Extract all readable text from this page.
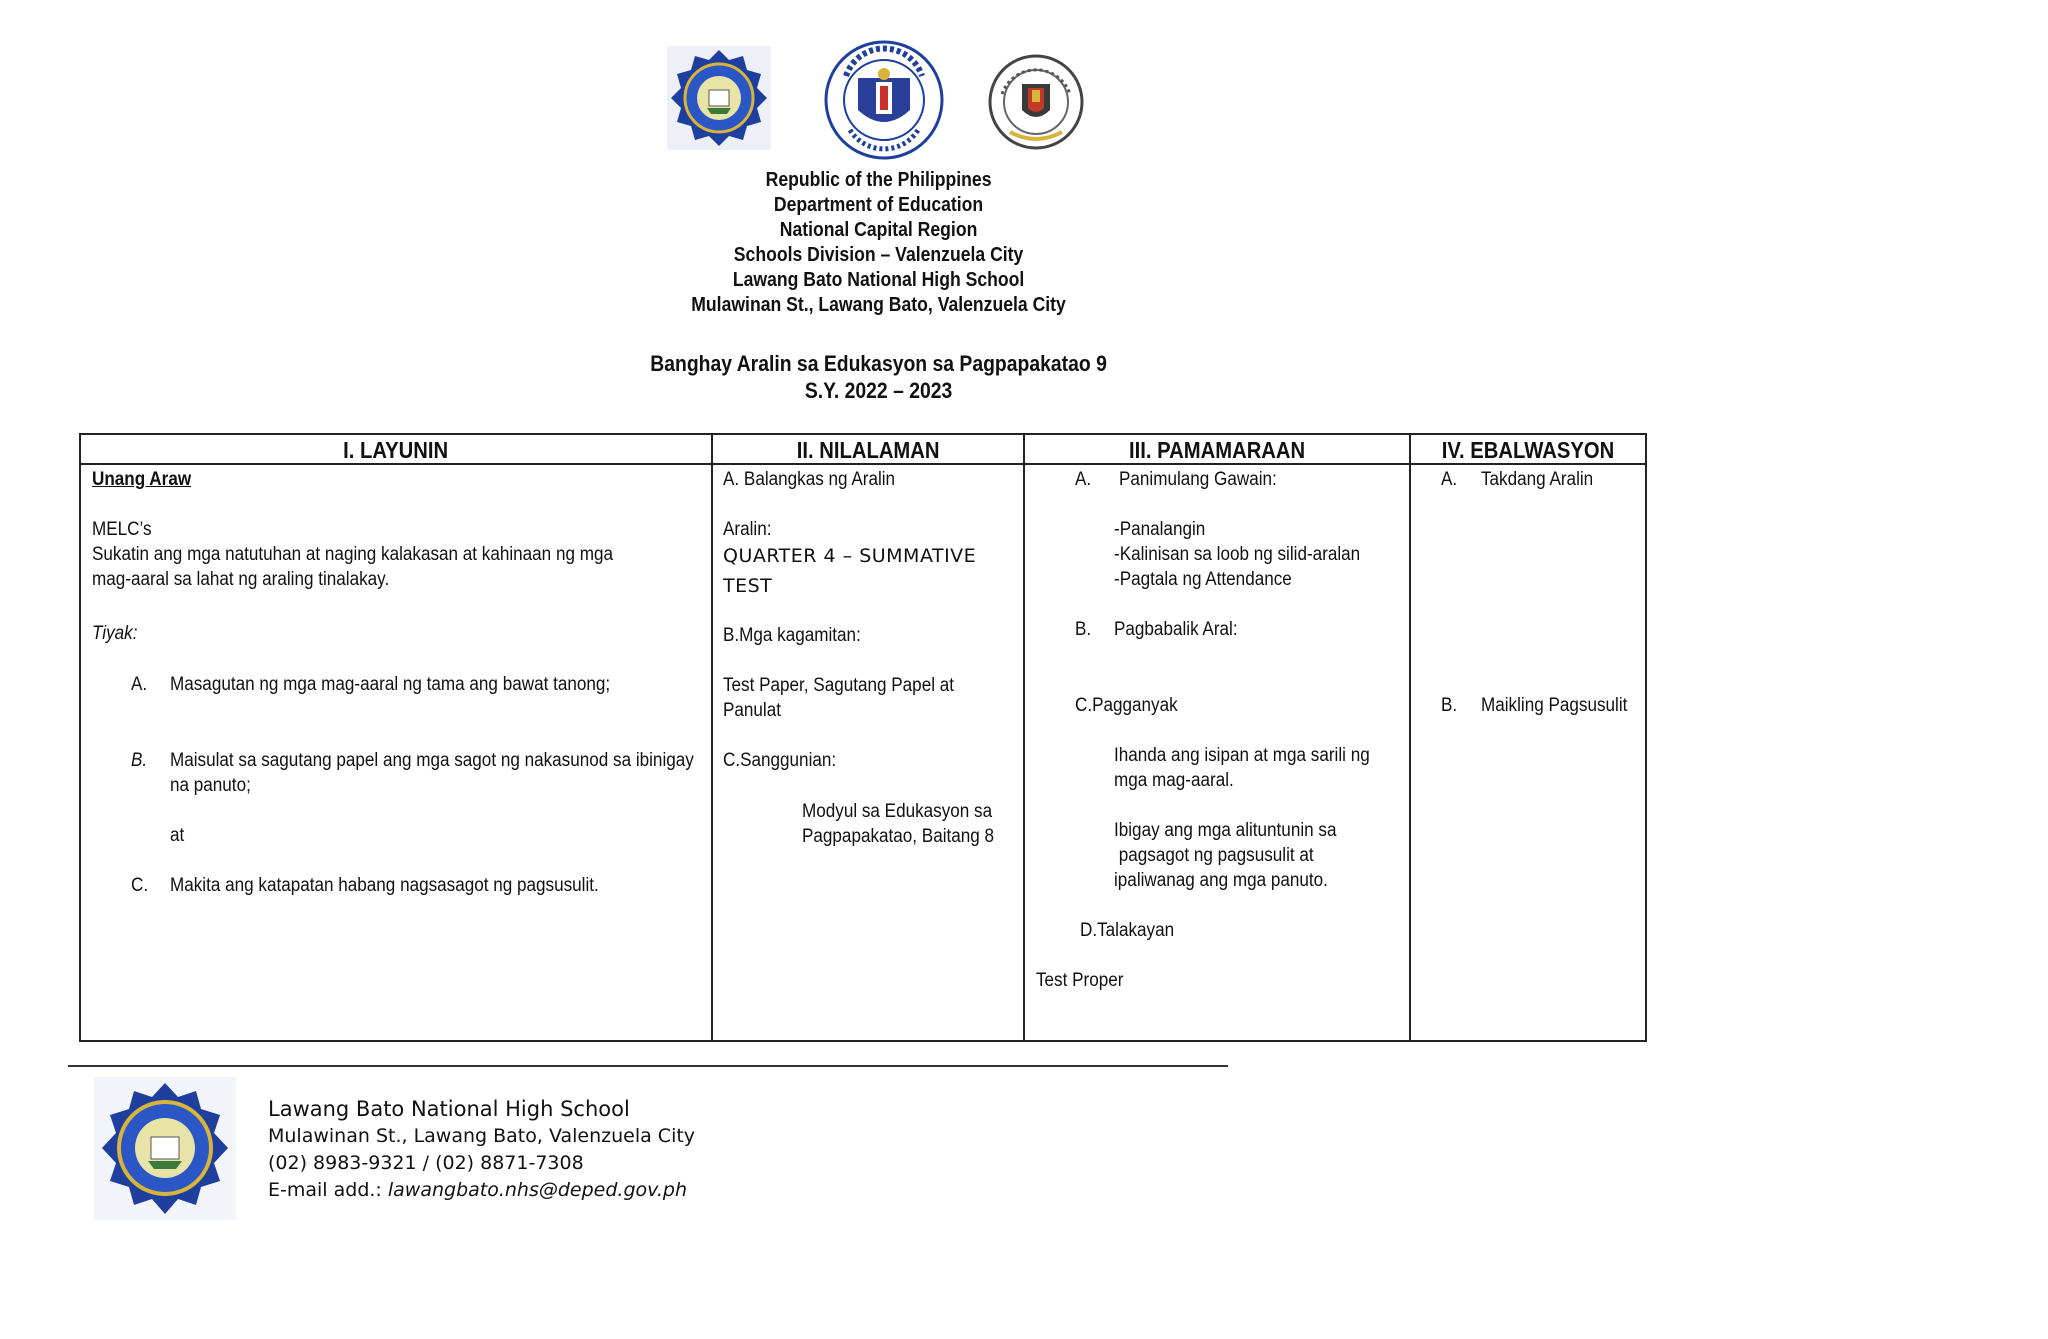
Republic of the Philippines
Department of Education
National Capital Region
Schools Division – Valenzuela City
Lawang Bato National High School
Mulawinan St., Lawang Bato, Valenzuela City
Banghay Aralin sa Edukasyon sa Pagpapakatao 9
S.Y. 2022 – 2023
I. LAYUNIN
Unang Araw
MELC’s
Sukatin ang mga natutuhan at naging kalakasan at kahinaan ng mga
mag-aaral sa lahat ng araling tinalakay.
Tiyak:
A. Masagutan ng mga mag-aaral ng tama ang bawat tanong;
B. Maisulat sa sagutang papel ang mga sagot ng nakasunod sa ibinigay
na panuto;
at
C. Makita ang katapatan habang nagsasagot ng pagsusulit.
II. NILALAMAN
A. Balangkas ng Aralin
Aralin:
QUARTER 4 – SUMMATIVE
TEST
B.Mga kagamitan:
Test Paper, Sagutang Papel at
Panulat
C.Sanggunian:
Modyul sa Edukasyon sa
Pagpapakatao, Baitang 8
III. PAMAMARAAN
A. Panimulang Gawain:
-Panalangin
-Kalinisan sa loob ng silid-aralan
-Pagtala ng Attendance
B. Pagbabalik Aral:
C.Pagganyak
Ihanda ang isipan at mga sarili ng
mga mag-aaral.
Ibigay ang mga alituntunin sa
pagsagot ng pagsusulit at
ipaliwanag ang mga panuto.
D.Talakayan
Test Proper
IV. EBALWASYON
A. Takdang Aralin
B. Maikling Pagsusulit
Lawang Bato National High School
Mulawinan St., Lawang Bato, Valenzuela City
(02) 8983-9321 / (02) 8871-7308
E-mail add.: lawangbato.nhs@deped.gov.ph
